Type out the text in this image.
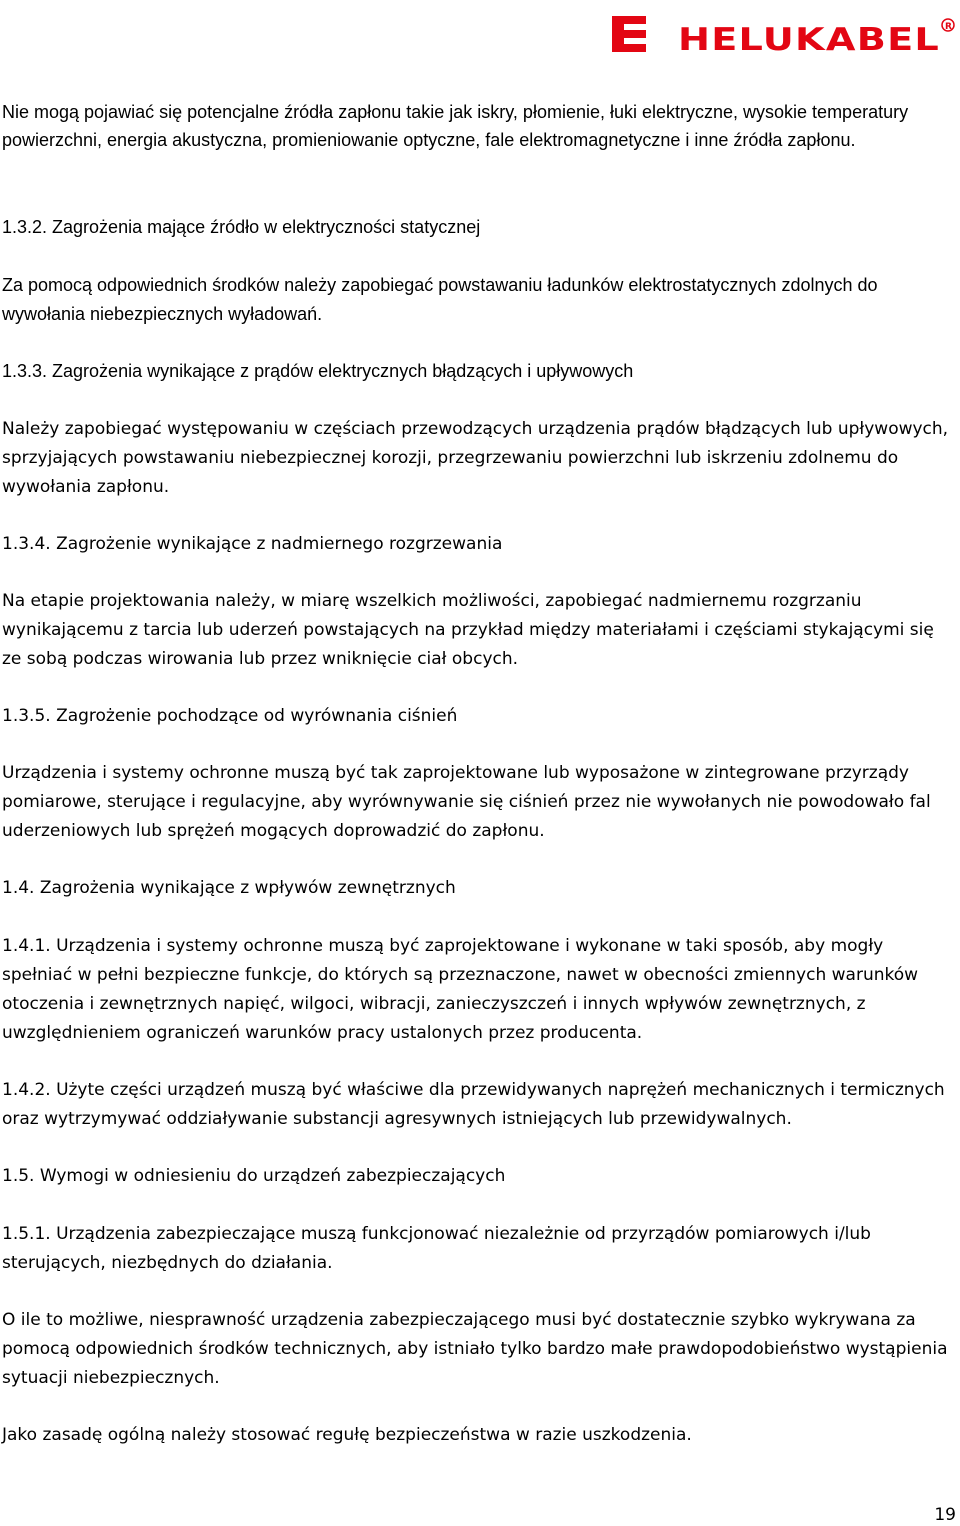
HELUKABEL R

Nie mogą pojawiać się potencjalne źródła zapłonu takie jak iskry, płomienie, łuki elektryczne, wysokie temperatury powierzchni, energia akustyczna, promieniowanie optyczne, fale elektromagnetyczne i inne źródła zapłonu.

1.3.2. Zagrożenia mające źródło w elektryczności statycznej

Za pomocą odpowiednich środków należy zapobiegać powstawaniu ładunków elektrostatycznych zdolnych do wywołania niebezpiecznych wyładowań.

1.3.3. Zagrożenia wynikające z prądów elektrycznych błądzących i upływowych

Należy zapobiegać występowaniu w częściach przewodzących urządzenia prądów błądzących lub upływowych, sprzyjających powstawaniu niebezpiecznej korozji, przegrzewaniu powierzchni lub iskrzeniu zdolnemu do wywołania zapłonu.

1.3.4. Zagrożenie wynikające z nadmiernego rozgrzewania

Na etapie projektowania należy, w miarę wszelkich możliwości, zapobiegać nadmiernemu rozgrzaniu wynikającemu z tarcia lub uderzeń powstających na przykład między materiałami i częściami stykającymi się ze sobą podczas wirowania lub przez wniknięcie ciał obcych.

1.3.5. Zagrożenie pochodzące od wyrównania ciśnień

Urządzenia i systemy ochronne muszą być tak zaprojektowane lub wyposażone w zintegrowane przyrządy pomiarowe, sterujące i regulacyjne, aby wyrównywanie się ciśnień przez nie wywołanych nie powodowało fal uderzeniowych lub sprężeń mogących doprowadzić do zapłonu.

1.4. Zagrożenia wynikające z wpływów zewnętrznych

1.4.1. Urządzenia i systemy ochronne muszą być zaprojektowane i wykonane w taki sposób, aby mogły spełniać w pełni bezpieczne funkcje, do których są przeznaczone, nawet w obecności zmiennych warunków otoczenia i zewnętrznych napięć, wilgoci, wibracji, zanieczyszczeń i innych wpływów zewnętrznych, z uwzględnieniem ograniczeń warunków pracy ustalonych przez producenta.

1.4.2. Użyte części urządzeń muszą być właściwe dla przewidywanych naprężeń mechanicznych i termicznych oraz wytrzymywać oddziaływanie substancji agresywnych istniejących lub przewidywalnych.

1.5. Wymogi w odniesieniu do urządzeń zabezpieczających

1.5.1. Urządzenia zabezpieczające muszą funkcjonować niezależnie od przyrządów pomiarowych i/lub sterujących, niezbędnych do działania.

O ile to możliwe, niesprawność urządzenia zabezpieczającego musi być dostatecznie szybko wykrywana za pomocą odpowiednich środków technicznych, aby istniało tylko bardzo małe prawdopodobieństwo wystąpienia sytuacji niebezpiecznych.

Jako zasadę ogólną należy stosować regułę bezpieczeństwa w razie uszkodzenia.

19
